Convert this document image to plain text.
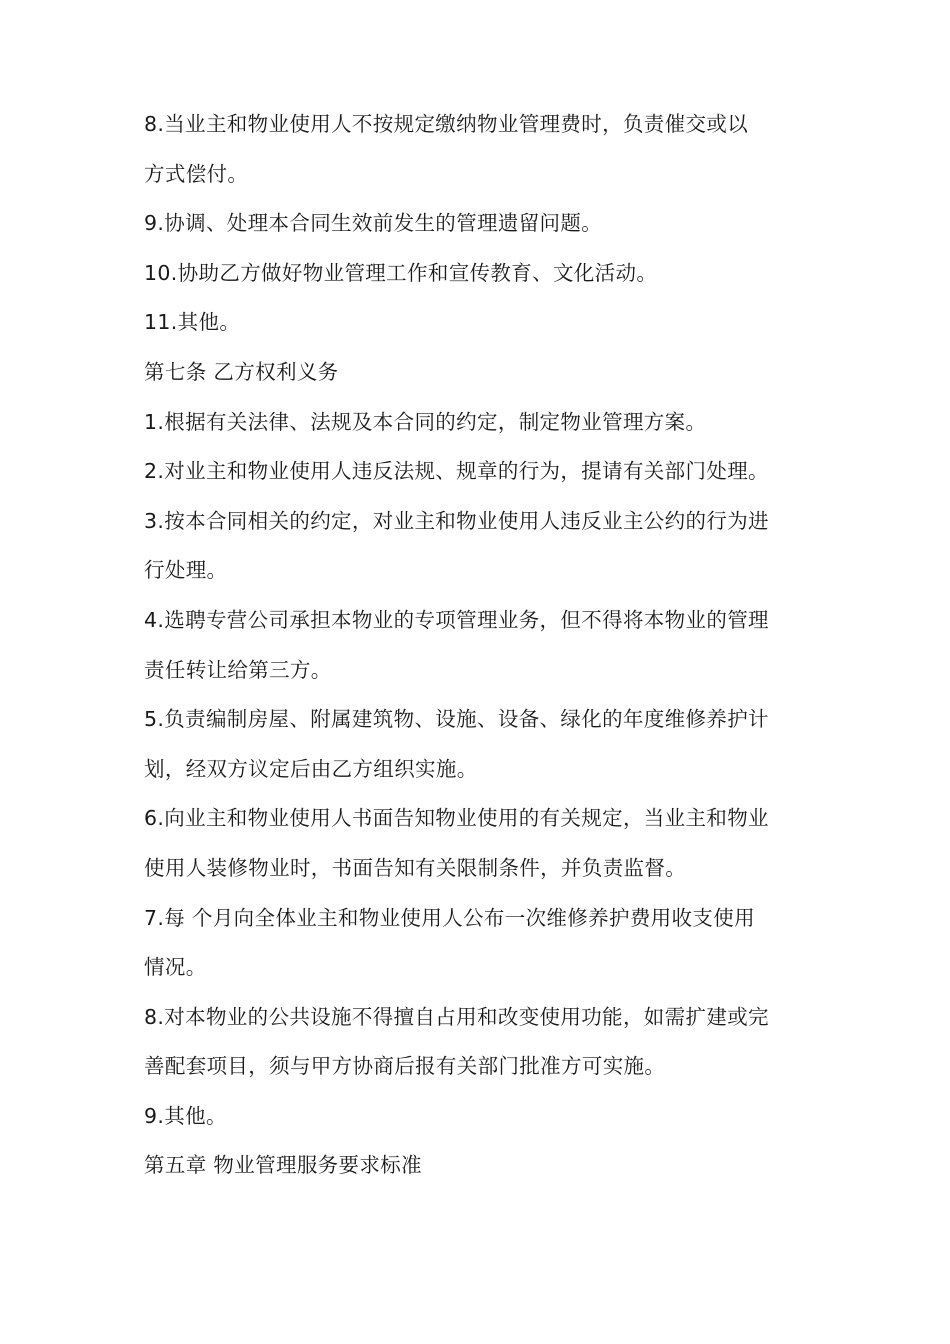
8.当业主和物业使用人不按规定缴纳物业管理费时，负责催交或以
方式偿付。
9.协调、处理本合同生效前发生的管理遗留问题。
10.协助乙方做好物业管理工作和宣传教育、文化活动。
11.其他。
第七条 乙方权利义务
1.根据有关法律、法规及本合同的约定，制定物业管理方案。
2.对业主和物业使用人违反法规、规章的行为，提请有关部门处理。
3.按本合同相关的约定，对业主和物业使用人违反业主公约的行为进
行处理。
4.选聘专营公司承担本物业的专项管理业务，但不得将本物业的管理
责任转让给第三方。
5.负责编制房屋、附属建筑物、设施、设备、绿化的年度维修养护计
划，经双方议定后由乙方组织实施。
6.向业主和物业使用人书面告知物业使用的有关规定，当业主和物业
使用人装修物业时，书面告知有关限制条件，并负责监督。
7.每 个月向全体业主和物业使用人公布一次维修养护费用收支使用
情况。
8.对本物业的公共设施不得擅自占用和改变使用功能，如需扩建或完
善配套项目，须与甲方协商后报有关部门批准方可实施。
9.其他。
第五章 物业管理服务要求标准
